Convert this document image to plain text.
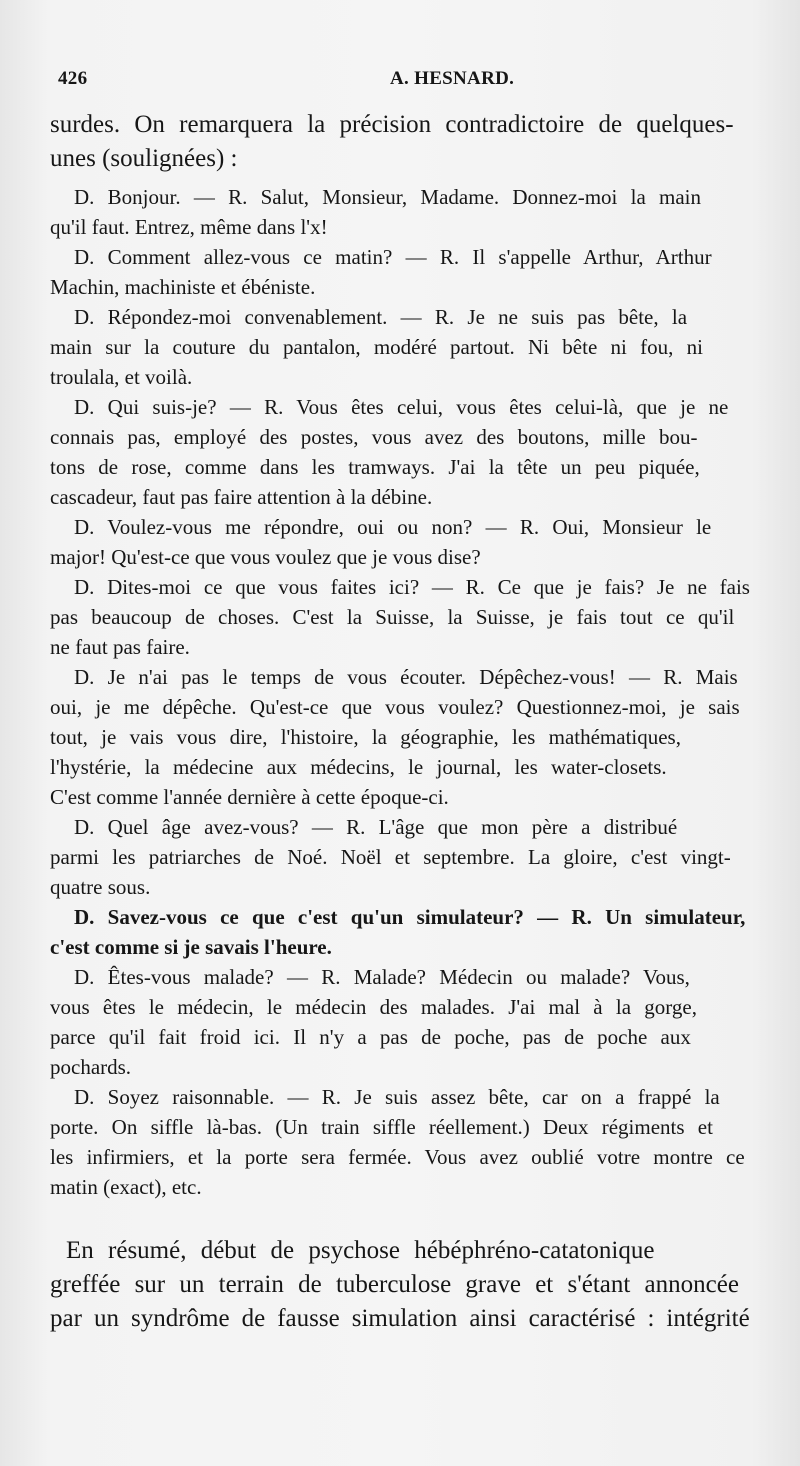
426	A. HESNARD.
surdes. On remarquera la précision contradictoire de quelques-
unes (soulignées) :
D. Bonjour. — R. Salut, Monsieur, Madame. Donnez-moi la main
qu'il faut. Entrez, même dans l'x!
D. Comment allez-vous ce matin? — R. Il s'appelle Arthur, Arthur
Machin, machiniste et ébéniste.
D. Répondez-moi convenablement. — R. Je ne suis pas bête, la
main sur la couture du pantalon, modéré partout. Ni bête ni fou, ni
troulala, et voilà.
D. Qui suis-je? — R. Vous êtes celui, vous êtes celui-là, que je ne
connais pas, employé des postes, vous avez des boutons, mille bou-
tons de rose, comme dans les tramways. J'ai la tête un peu piquée,
cascadeur, faut pas faire attention à la débine.
D. Voulez-vous me répondre, oui ou non? — R. Oui, Monsieur le
major! Qu'est-ce que vous voulez que je vous dise?
D. Dites-moi ce que vous faites ici? — R. Ce que je fais? Je ne fais
pas beaucoup de choses. C'est la Suisse, la Suisse, je fais tout ce qu'il
ne faut pas faire.
D. Je n'ai pas le temps de vous écouter. Dépêchez-vous! — R. Mais
oui, je me dépêche. Qu'est-ce que vous voulez? Questionnez-moi, je sais
tout, je vais vous dire, l'histoire, la géographie, les mathématiques,
l'hystérie, la médecine aux médecins, le journal, les water-closets.
C'est comme l'année dernière à cette époque-ci.
D. Quel âge avez-vous? — R. L'âge que mon père a distribué
parmi les patriarches de Noé. Noël et septembre. La gloire, c'est vingt-
quatre sous.
D. Savez-vous ce que c'est qu'un simulateur? — R. Un simulateur,
c'est comme si je savais l'heure.
D. Êtes-vous malade? — R. Malade? Médecin ou malade? Vous,
vous êtes le médecin, le médecin des malades. J'ai mal à la gorge,
parce qu'il fait froid ici. Il n'y a pas de poche, pas de poche aux
pochards.
D. Soyez raisonnable. — R. Je suis assez bête, car on a frappé la
porte. On siffle là-bas. (Un train siffle réellement.) Deux régiments et
les infirmiers, et la porte sera fermée. Vous avez oublié votre montre ce
matin (exact), etc.
En résumé, début de psychose hébéphréno-catatonique
greffée sur un terrain de tuberculose grave et s'étant annoncée
par un syndrôme de fausse simulation ainsi caractérisé : intégrité
